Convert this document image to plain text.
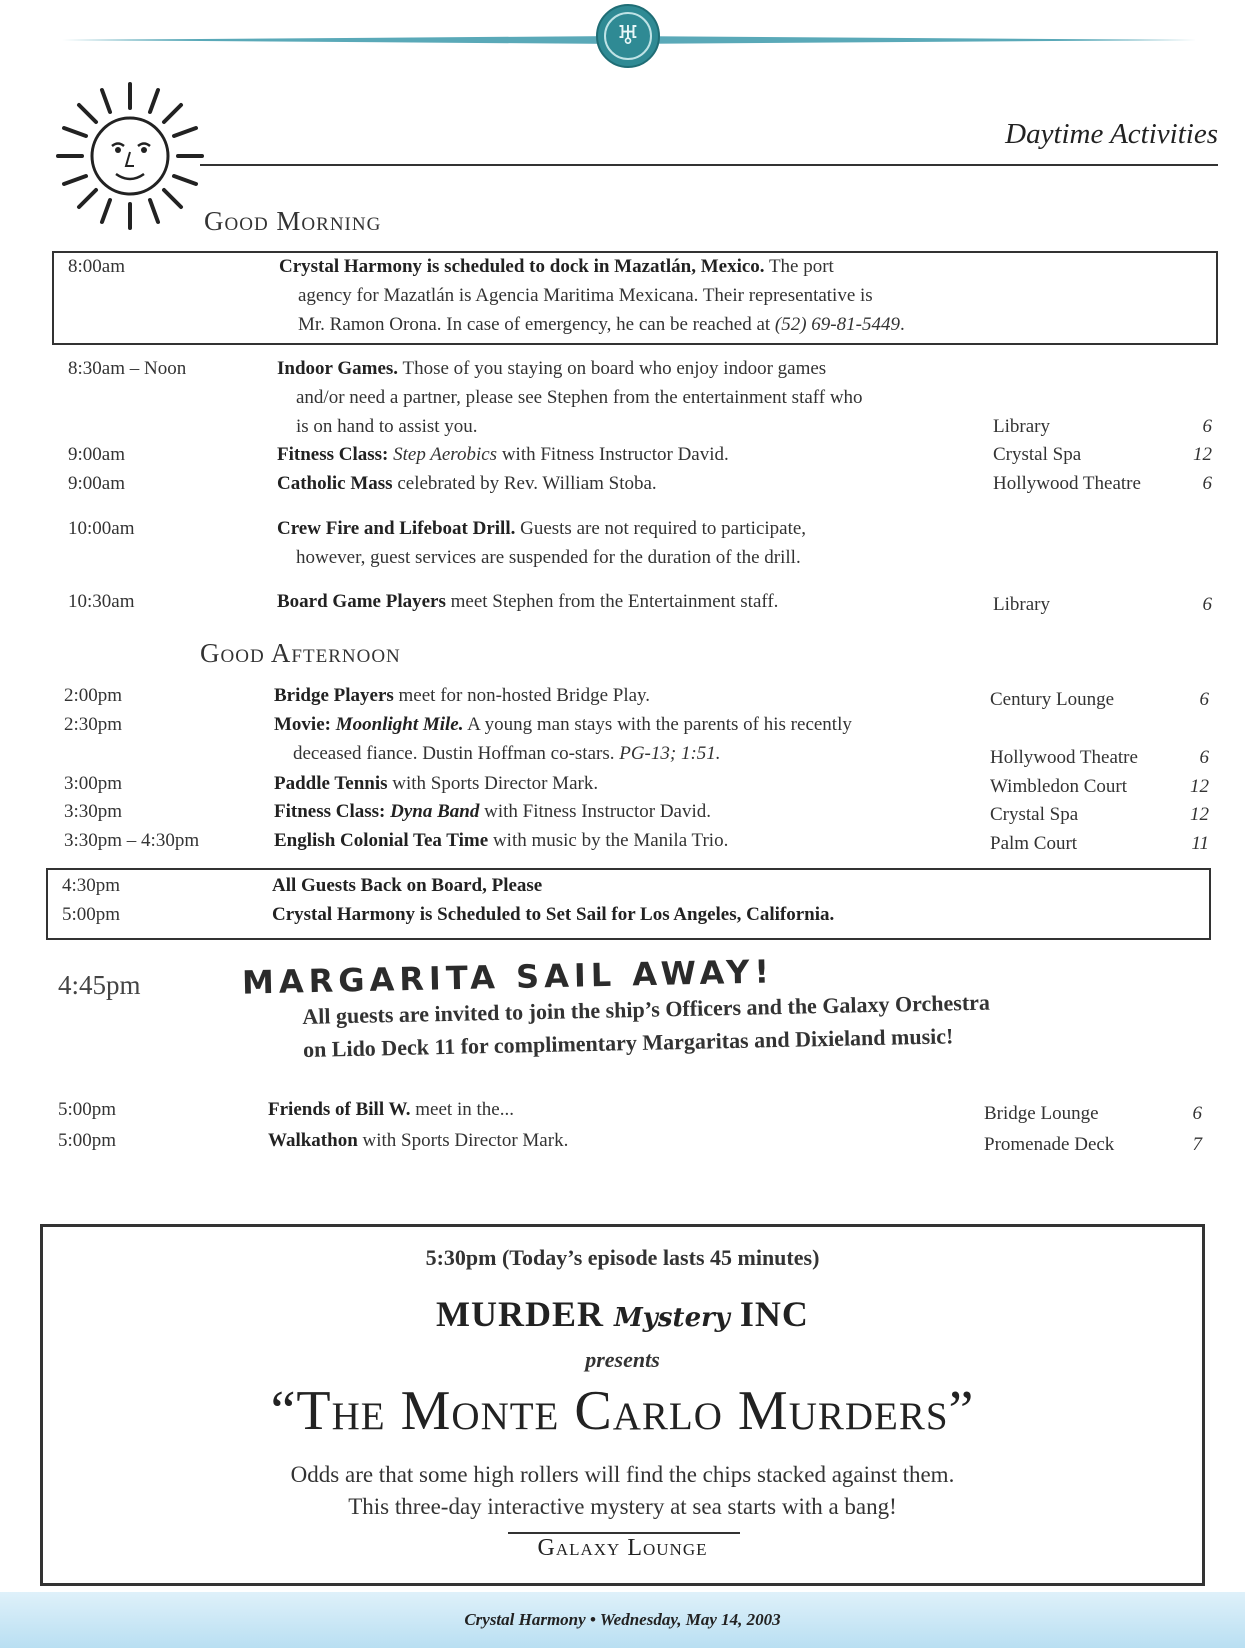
♅
Daytime Activities
Good Morning
8:00am	Crystal Harmony is scheduled to dock in Mazatlán, Mexico. The port
agency for Mazatlán is Agencia Maritima Mexicana. Their representative is
Mr. Ramon Orona. In case of emergency, he can be reached at (52) 69-81-5449.
8:30am – Noon	Indoor Games. Those of you staying on board who enjoy indoor games
and/or need a partner, please see Stephen from the entertainment staff who
is on hand to assist you.	Library	6
9:00am	Fitness Class: Step Aerobics with Fitness Instructor David.	Crystal Spa	12
9:00am	Catholic Mass celebrated by Rev. William Stoba.	Hollywood Theatre	6
10:00am	Crew Fire and Lifeboat Drill. Guests are not required to participate,
however, guest services are suspended for the duration of the drill.
10:30am	Board Game Players meet Stephen from the Entertainment staff.	Library	6
Good Afternoon
2:00pm	Bridge Players meet for non-hosted Bridge Play.	Century Lounge	6
2:30pm	Movie: Moonlight Mile. A young man stays with the parents of his recently
deceased fiance. Dustin Hoffman co-stars. PG-13; 1:51.	Hollywood Theatre	6
3:00pm	Paddle Tennis with Sports Director Mark.	Wimbledon Court	12
3:30pm	Fitness Class: Dyna Band with Fitness Instructor David.	Crystal Spa	12
3:30pm – 4:30pm	English Colonial Tea Time with music by the Manila Trio.	Palm Court	11
4:30pm	All Guests Back on Board, Please
5:00pm	Crystal Harmony is Scheduled to Set Sail for Los Angeles, California.
4:45pm	MARGARITA SAIL AWAY!
All guests are invited to join the ship’s Officers and the Galaxy Orchestra
on Lido Deck 11 for complimentary Margaritas and Dixieland music!
5:00pm	Friends of Bill W. meet in the...	Bridge Lounge	6
5:00pm	Walkathon with Sports Director Mark.	Promenade Deck	7
5:30pm (Today’s episode lasts 45 minutes)
MURDER Mystery INC
presents
“The Monte Carlo Murders”
Odds are that some high rollers will find the chips stacked against them.
This three-day interactive mystery at sea starts with a bang!
Galaxy Lounge
Crystal Harmony • Wednesday, May 14, 2003
